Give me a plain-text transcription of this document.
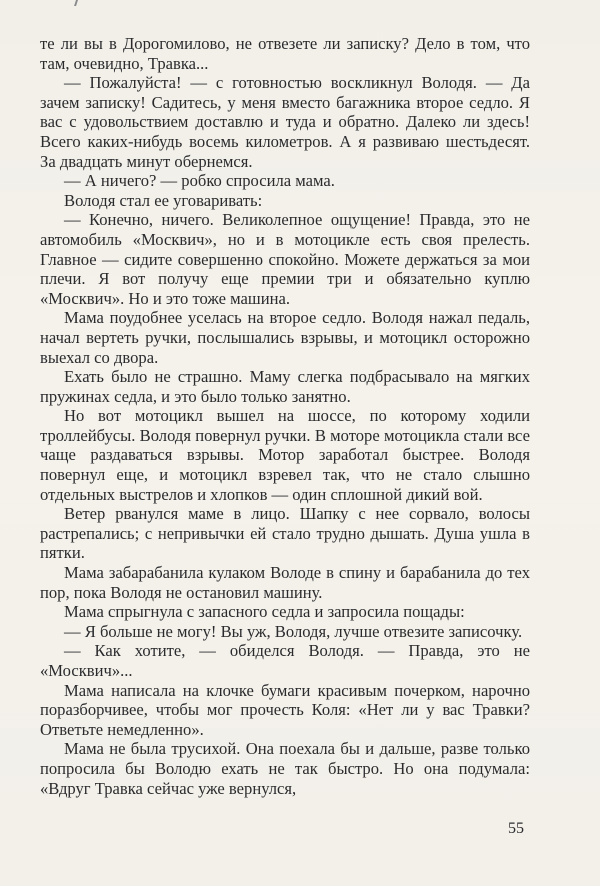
те ли вы в Дорогомилово, не отвезете ли записку? Дело в том, что там, очевидно, Травка...

— Пожалуйста! — с готовностью воскликнул Володя. — Да зачем записку! Садитесь, у меня вместо багажника второе седло. Я вас с удовольствием доставлю и туда и обратно. Далеко ли здесь! Всего каких-нибудь восемь километров. А я развиваю шестьдесят. За двадцать минут обернемся.

— А ничего? — робко спросила мама.

Володя стал ее уговаривать:

— Конечно, ничего. Великолепное ощущение! Правда, это не автомобиль «Москвич», но и в мотоцикле есть своя прелесть. Главное — сидите совершенно спокойно. Можете держаться за мои плечи. Я вот получу еще премии три и обязательно куплю «Москвич». Но и это тоже машина.

Мама поудобнее уселась на второе седло. Володя нажал педаль, начал вертеть ручки, послышались взрывы, и мотоцикл осторожно выехал со двора.

Ехать было не страшно. Маму слегка подбрасывало на мягких пружинах седла, и это было только занятно.

Но вот мотоцикл вышел на шоссе, по которому ходили троллейбусы. Володя повернул ручки. В моторе мотоцикла стали все чаще раздаваться взрывы. Мотор заработал быстрее. Володя повернул еще, и мотоцикл взревел так, что не стало слышно отдельных выстрелов и хлопков — один сплошной дикий вой.

Ветер рванулся маме в лицо. Шапку с нее сорвало, волосы растрепались; с непривычки ей стало трудно дышать. Душа ушла в пятки.

Мама забарабанила кулаком Володе в спину и барабанила до тех пор, пока Володя не остановил машину.

Мама спрыгнула с запасного седла и запросила пощады:

— Я больше не могу! Вы уж, Володя, лучше отвезите записочку.

— Как хотите, — обиделся Володя. — Правда, это не «Москвич»...

Мама написала на клочке бумаги красивым почерком, нарочно поразборчивее, чтобы мог прочесть Коля: «Нет ли у вас Травки? Ответьте немедленно».

Мама не была трусихой. Она поехала бы и дальше, разве только попросила бы Володю ехать не так быстро. Но она подумала: «Вдруг Травка сейчас уже вернулся,

55
